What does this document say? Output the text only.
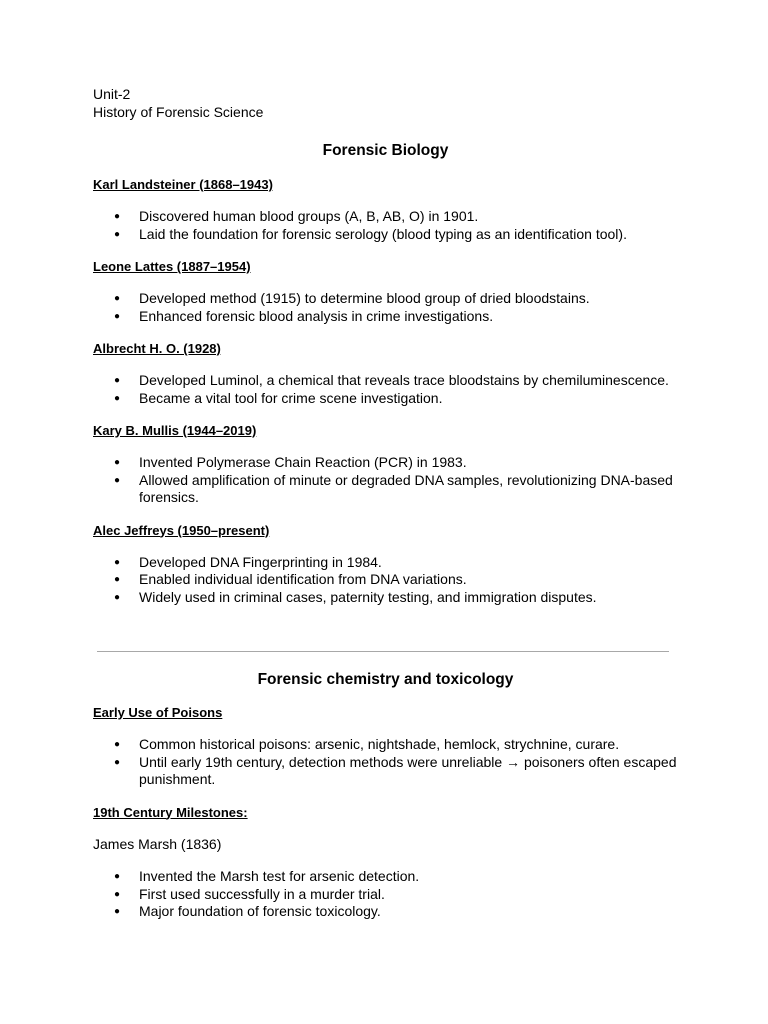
Unit-2
History of Forensic Science
Forensic Biology
Karl Landsteiner (1868–1943)
● Discovered human blood groups (A, B, AB, O) in 1901.
● Laid the foundation for forensic serology (blood typing as an identification tool).
Leone Lattes (1887–1954)
● Developed method (1915) to determine blood group of dried bloodstains.
● Enhanced forensic blood analysis in crime investigations.
Albrecht H. O. (1928)
● Developed Luminol, a chemical that reveals trace bloodstains by chemiluminescence.
● Became a vital tool for crime scene investigation.
Kary B. Mullis (1944–2019)
● Invented Polymerase Chain Reaction (PCR) in 1983.
● Allowed amplification of minute or degraded DNA samples, revolutionizing DNA-based forensics.
Alec Jeffreys (1950–present)
● Developed DNA Fingerprinting in 1984.
● Enabled individual identification from DNA variations.
● Widely used in criminal cases, paternity testing, and immigration disputes.
Forensic chemistry and toxicology
Early Use of Poisons
● Common historical poisons: arsenic, nightshade, hemlock, strychnine, curare.
● Until early 19th century, detection methods were unreliable → poisoners often escaped punishment.
19th Century Milestones:
James Marsh (1836)
● Invented the Marsh test for arsenic detection.
● First used successfully in a murder trial.
● Major foundation of forensic toxicology.
